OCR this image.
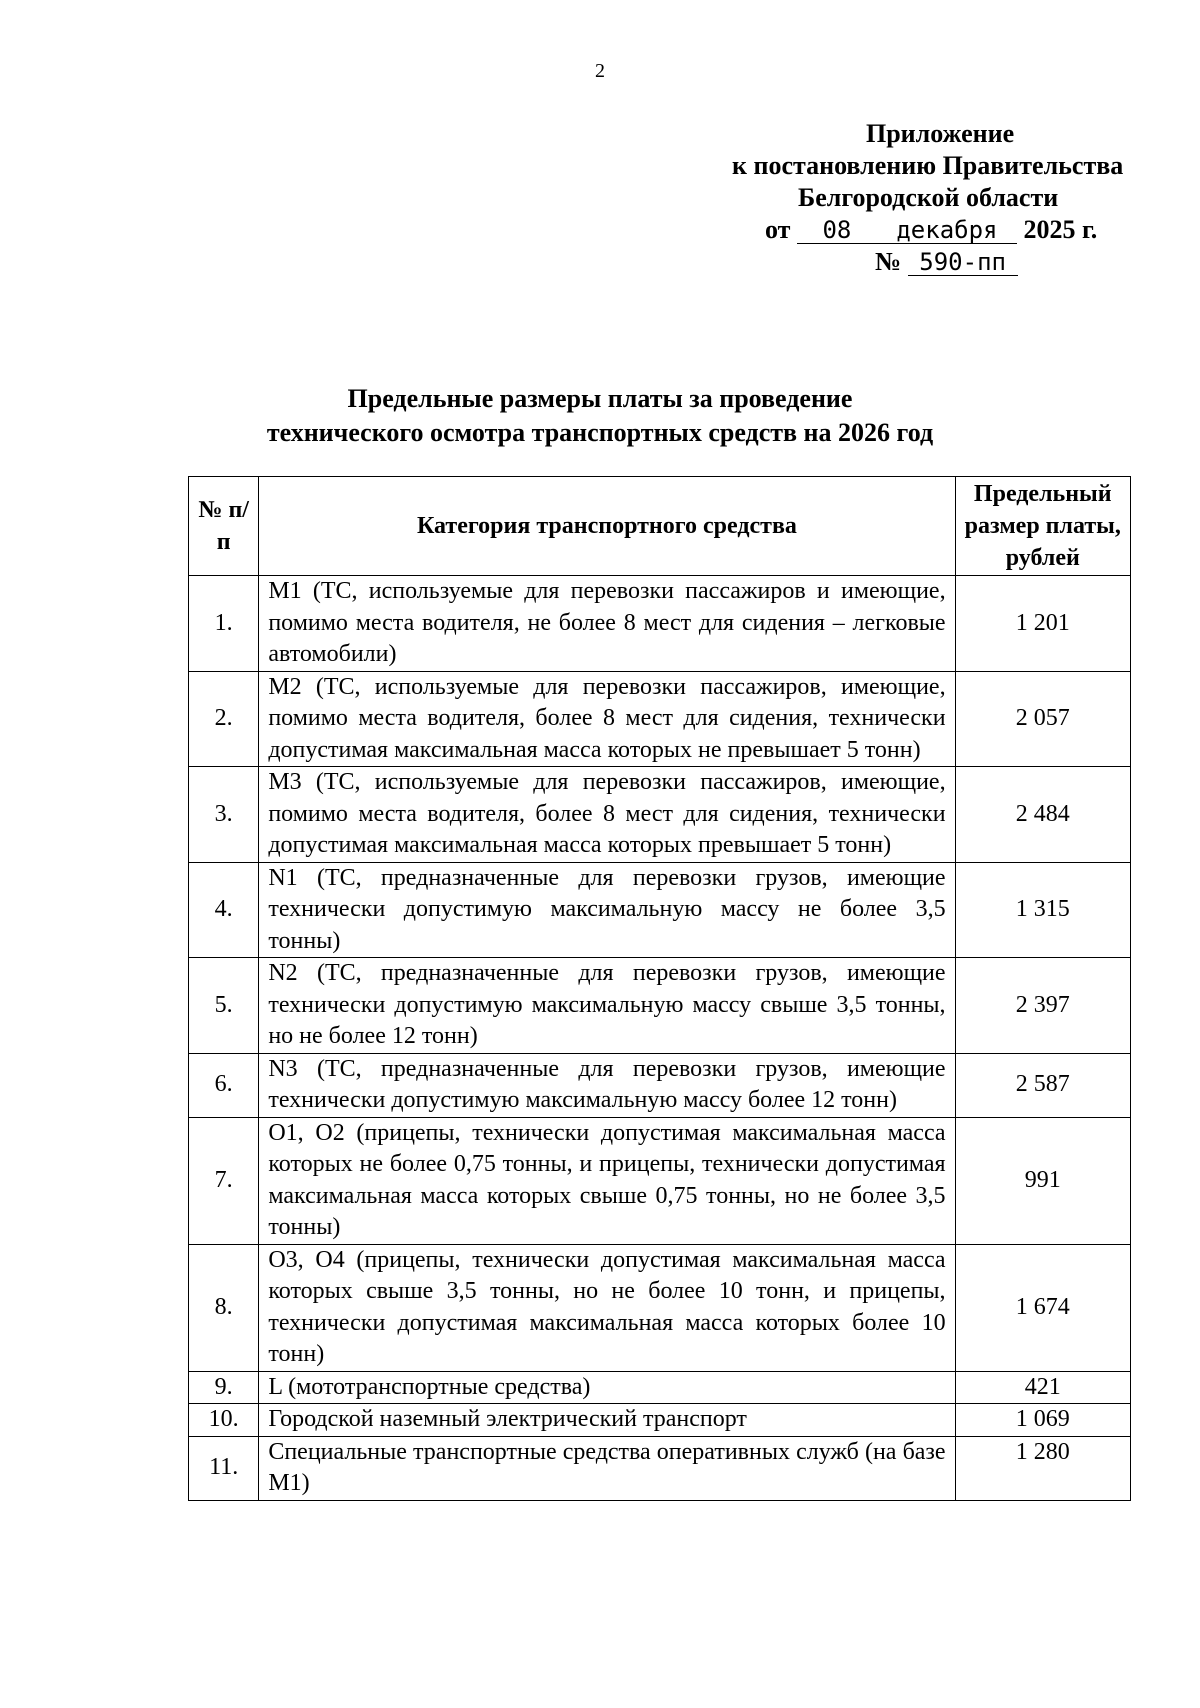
2
Приложение
к постановлению Правительства
Белгородской области
от 08 декабря 2025 г.
№ 590-пп
Предельные размеры платы за проведение
технического осмотра транспортных средств на 2026 год
№ п/п	Категория транспортного средства	Предельный размер платы, рублей
1.	M1 (ТС, используемые для перевозки пассажиров и имеющие, помимо места водителя, не более 8 мест для сидения – легковые автомобили)	1 201
2.	M2 (ТС, используемые для перевозки пассажиров, имеющие, помимо места водителя, более 8 мест для сидения, технически допустимая максимальная масса которых не превышает 5 тонн)	2 057
3.	M3 (ТС, используемые для перевозки пассажиров, имеющие, помимо места водителя, более 8 мест для сидения, технически допустимая максимальная масса которых превышает 5 тонн)	2 484
4.	N1 (ТС, предназначенные для перевозки грузов, имеющие технически допустимую максимальную массу не более 3,5 тонны)	1 315
5.	N2 (ТС, предназначенные для перевозки грузов, имеющие технически допустимую максимальную массу свыше 3,5 тонны, но не более 12 тонн)	2 397
6.	N3 (ТС, предназначенные для перевозки грузов, имеющие технически допустимую максимальную массу более 12 тонн)	2 587
7.	O1, O2 (прицепы, технически допустимая максимальная масса которых не более 0,75 тонны, и прицепы, технически допустимая максимальная масса которых свыше 0,75 тонны, но не более 3,5 тонны)	991
8.	O3, O4 (прицепы, технически допустимая максимальная масса которых свыше 3,5 тонны, но не более 10 тонн, и прицепы, технически допустимая максимальная масса которых более 10 тонн)	1 674
9.	L (мототранспортные средства)	421
10.	Городской наземный электрический транспорт	1 069
11.	Специальные транспортные средства оперативных служб (на базе M1)	1 280
